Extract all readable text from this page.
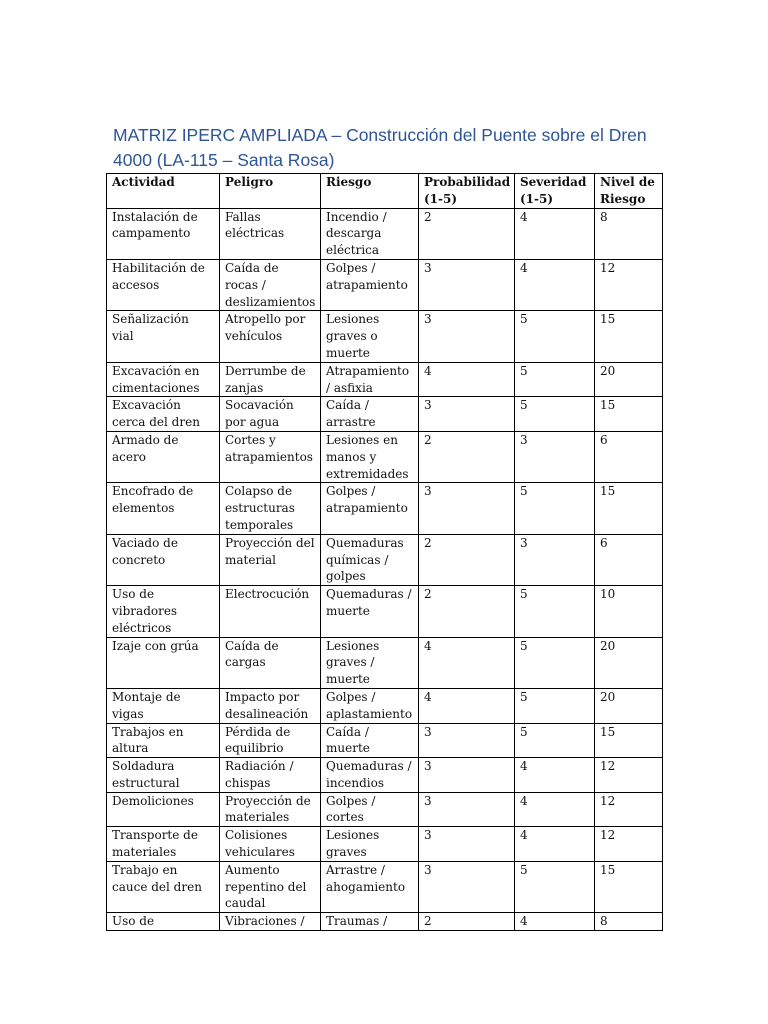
MATRIZ IPERC AMPLIADA – Construcción del Puente sobre el Dren 4000 (LA-115 – Santa Rosa)
Actividad	Peligro	Riesgo	Probabilidad (1-5)	Severidad (1-5)	Nivel de Riesgo
Instalación de campamento	Fallas eléctricas	Incendio / descarga eléctrica	2	4	8
Habilitación de accesos	Caída de rocas / deslizamientos	Golpes / atrapamiento	3	4	12
Señalización vial	Atropello por vehículos	Lesiones graves o muerte	3	5	15
Excavación en cimentaciones	Derrumbe de zanjas	Atrapamiento / asfixia	4	5	20
Excavación cerca del dren	Socavación por agua	Caída / arrastre	3	5	15
Armado de acero	Cortes y atrapamientos	Lesiones en manos y extremidades	2	3	6
Encofrado de elementos	Colapso de estructuras temporales	Golpes / atrapamiento	3	5	15
Vaciado de concreto	Proyección del material	Quemaduras químicas / golpes	2	3	6
Uso de vibradores eléctricos	Electrocución	Quemaduras / muerte	2	5	10
Izaje con grúa	Caída de cargas	Lesiones graves / muerte	4	5	20
Montaje de vigas	Impacto por desalineación	Golpes / aplastamiento	4	5	20
Trabajos en altura	Pérdida de equilibrio	Caída / muerte	3	5	15
Soldadura estructural	Radiación / chispas	Quemaduras / incendios	3	4	12
Demoliciones	Proyección de materiales	Golpes / cortes	3	4	12
Transporte de materiales	Colisiones vehiculares	Lesiones graves	3	4	12
Trabajo en cauce del dren	Aumento repentino del caudal	Arrastre / ahogamiento	3	5	15
Uso de	Vibraciones /	Traumas /	2	4	8
